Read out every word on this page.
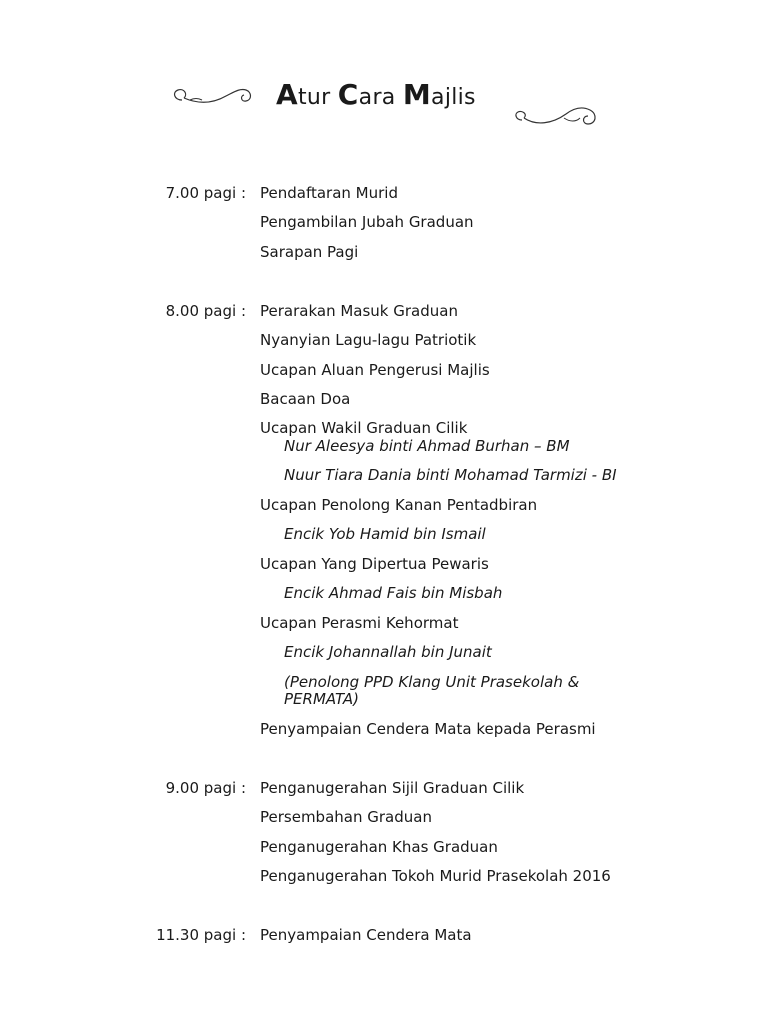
Atur Cara Majlis
7.00 pagi : Pendaftaran Murid
Pengambilan Jubah Graduan
Sarapan Pagi
8.00 pagi : Perarakan Masuk Graduan
Nyanyian Lagu-lagu Patriotik
Ucapan Aluan Pengerusi Majlis
Bacaan Doa
Ucapan Wakil Graduan Cilik
Nur Aleesya binti Ahmad Burhan – BM
Nuur Tiara Dania binti Mohamad Tarmizi - BI
Ucapan Penolong Kanan Pentadbiran
Encik Yob Hamid bin Ismail
Ucapan Yang Dipertua Pewaris
Encik Ahmad Fais bin Misbah
Ucapan Perasmi Kehormat
Encik Johannallah bin Junait
(Penolong PPD Klang Unit Prasekolah &
PERMATA)
Penyampaian Cendera Mata kepada Perasmi
9.00 pagi : Penganugerahan Sijil Graduan Cilik
Persembahan Graduan
Penganugerahan Khas Graduan
Penganugerahan Tokoh Murid Prasekolah 2016
11.30 pagi : Penyampaian Cendera Mata
